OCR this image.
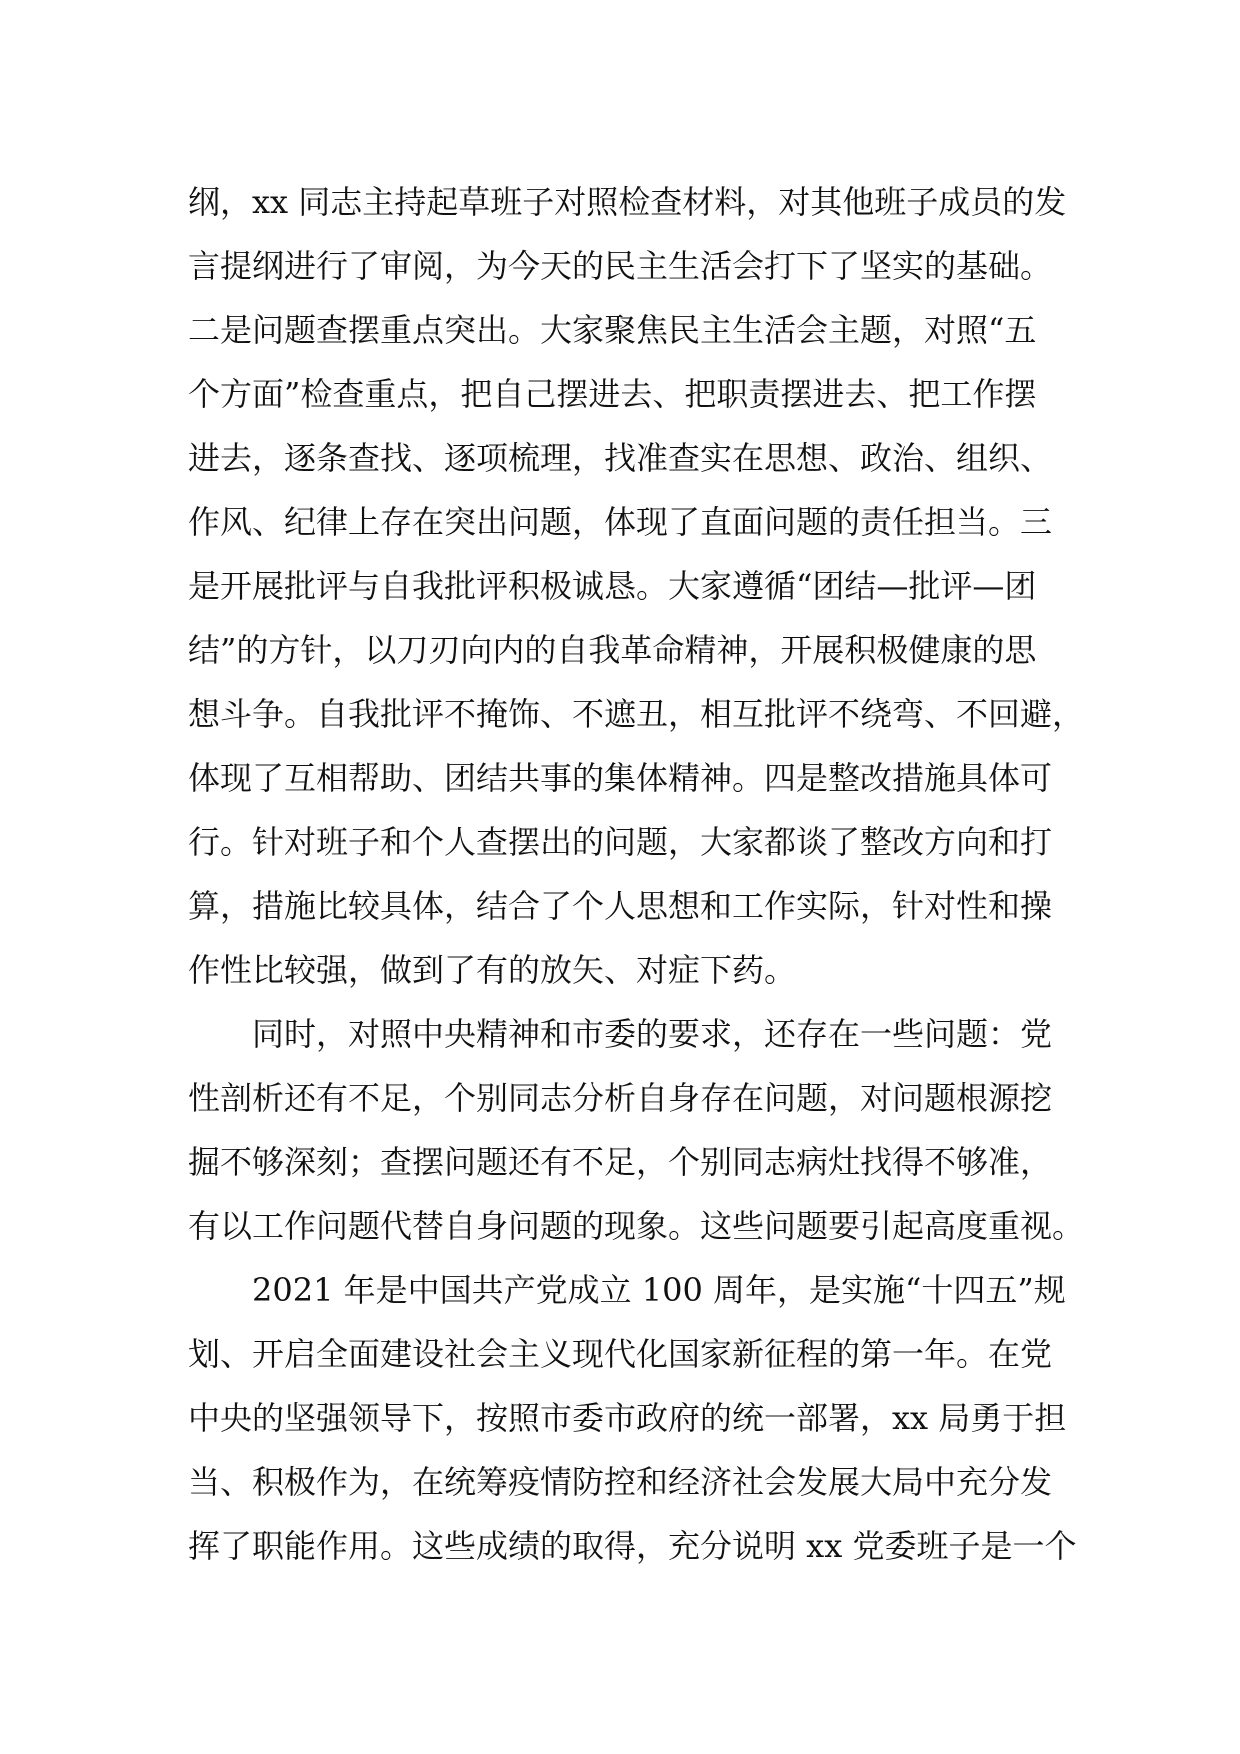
纲，xx 同志主持起草班子对照检查材料，对其他班子成员的发
言提纲进行了审阅，为今天的民主生活会打下了坚实的基础。
二是问题查摆重点突出。大家聚焦民主生活会主题，对照“五
个方面”检查重点，把自己摆进去、把职责摆进去、把工作摆
进去，逐条查找、逐项梳理，找准查实在思想、政治、组织、
作风、纪律上存在突出问题，体现了直面问题的责任担当。三
是开展批评与自我批评积极诚恳。大家遵循“团结—批评—团
结”的方针，以刀刃向内的自我革命精神，开展积极健康的思
想斗争。自我批评不掩饰、不遮丑，相互批评不绕弯、不回避，
体现了互相帮助、团结共事的集体精神。四是整改措施具体可
行。针对班子和个人查摆出的问题，大家都谈了整改方向和打
算，措施比较具体，结合了个人思想和工作实际，针对性和操
作性比较强，做到了有的放矢、对症下药。
　　同时，对照中央精神和市委的要求，还存在一些问题：党
性剖析还有不足，个别同志分析自身存在问题，对问题根源挖
掘不够深刻；查摆问题还有不足，个别同志病灶找得不够准，
有以工作问题代替自身问题的现象。这些问题要引起高度重视。
　　2021 年是中国共产党成立 100 周年，是实施“十四五”规
划、开启全面建设社会主义现代化国家新征程的第一年。在党
中央的坚强领导下，按照市委市政府的统一部署，xx 局勇于担
当、积极作为，在统筹疫情防控和经济社会发展大局中充分发
挥了职能作用。这些成绩的取得，充分说明 xx 党委班子是一个
